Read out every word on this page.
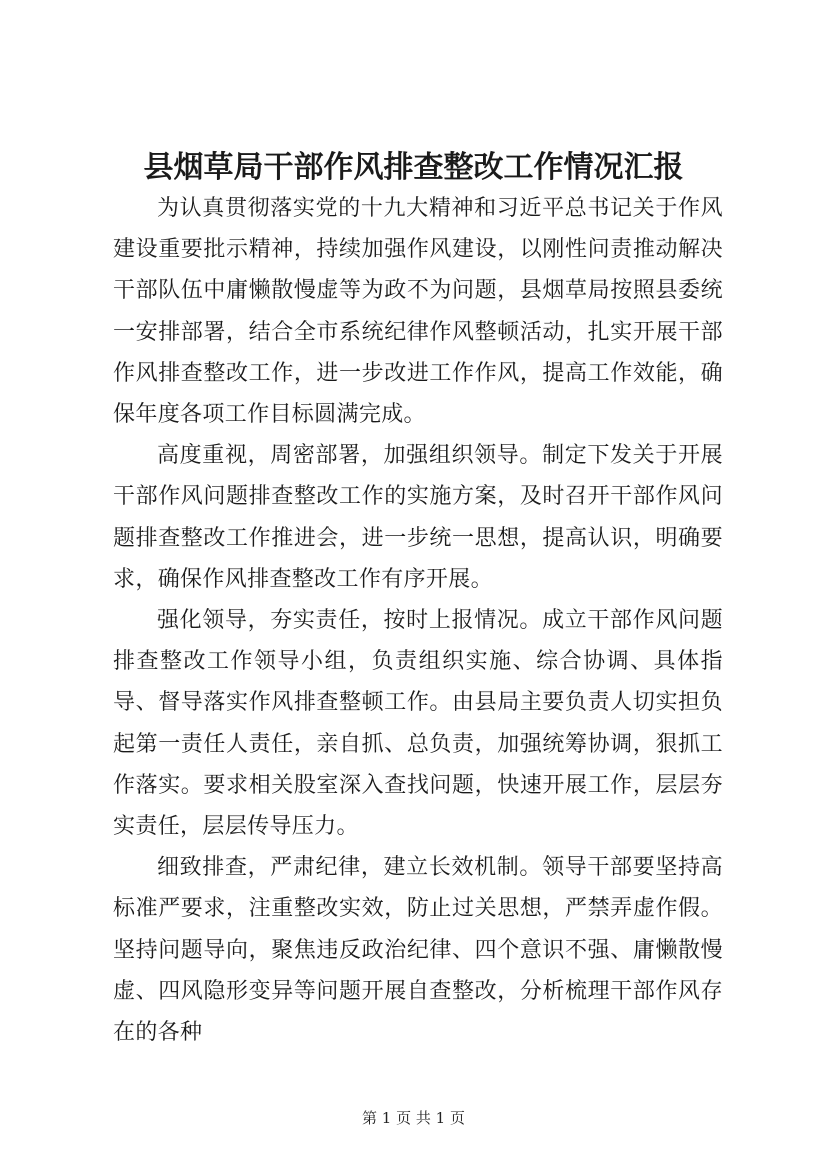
县烟草局干部作风排查整改工作情况汇报

为认真贯彻落实党的十九大精神和习近平总书记关于作风建设重要批示精神，持续加强作风建设，以刚性问责推动解决干部队伍中庸懒散慢虚等为政不为问题，县烟草局按照县委统一安排部署，结合全市系统纪律作风整顿活动，扎实开展干部作风排查整改工作，进一步改进工作作风，提高工作效能，确保年度各项工作目标圆满完成。

高度重视，周密部署，加强组织领导。制定下发关于开展干部作风问题排查整改工作的实施方案，及时召开干部作风问题排查整改工作推进会，进一步统一思想，提高认识，明确要求，确保作风排查整改工作有序开展。

强化领导，夯实责任，按时上报情况。成立干部作风问题排查整改工作领导小组，负责组织实施、综合协调、具体指导、督导落实作风排查整顿工作。由县局主要负责人切实担负起第一责任人责任，亲自抓、总负责，加强统筹协调，狠抓工作落实。要求相关股室深入查找问题，快速开展工作，层层夯实责任，层层传导压力。

细致排查，严肃纪律，建立长效机制。领导干部要坚持高标准严要求，注重整改实效，防止过关思想，严禁弄虚作假。坚持问题导向，聚焦违反政治纪律、四个意识不强、庸懒散慢虚、四风隐形变异等问题开展自查整改，分析梳理干部作风存在的各种

第 1 页 共 1 页
